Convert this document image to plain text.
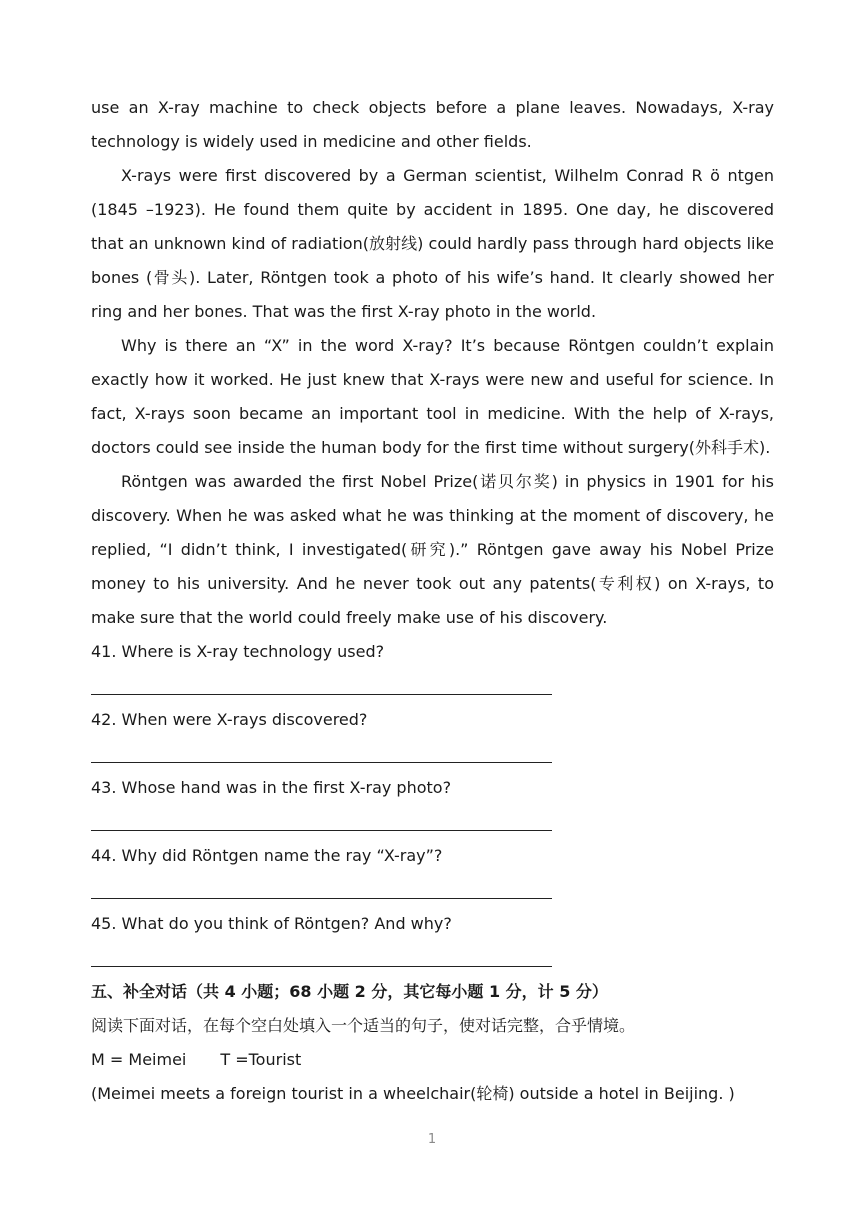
use an X-ray machine to check objects before a plane leaves. Nowadays, X-ray technology is widely used in medicine and other fields.

X-rays were first discovered by a German scientist, Wilhelm Conrad R ö ntgen (1845 –1923). He found them quite by accident in 1895. One day, he discovered that an unknown kind of radiation(放射线) could hardly pass through hard objects like bones (骨头). Later, Röntgen took a photo of his wife’s hand. It clearly showed her ring and her bones. That was the first X-ray photo in the world.

Why is there an “X” in the word X-ray? It’s because Röntgen couldn’t explain exactly how it worked. He just knew that X-rays were new and useful for science. In fact, X-rays soon became an important tool in medicine. With the help of X-rays, doctors could see inside the human body for the first time without surgery(外科手术).

Röntgen was awarded the first Nobel Prize(诺贝尔奖) in physics in 1901 for his discovery. When he was asked what he was thinking at the moment of discovery, he replied, “I didn’t think, I investigated(研究).” Röntgen gave away his Nobel Prize money to his university. And he never took out any patents(专利权) on X-rays, to make sure that the world could freely make use of his discovery.

41. Where is X-ray technology used?

42. When were X-rays discovered?

43. Whose hand was in the first X-ray photo?

44. Why did Röntgen name the ray “X-ray”?

45. What do you think of Röntgen? And why?

五、补全对话（共 4 小题；68 小题 2 分，其它每小题 1 分，计 5 分）

阅读下面对话，在每个空白处填入一个适当的句子，使对话完整，合乎情境。

M = Meimei T =Tourist

(Meimei meets a foreign tourist in a wheelchair(轮椅) outside a hotel in Beijing. )

1
